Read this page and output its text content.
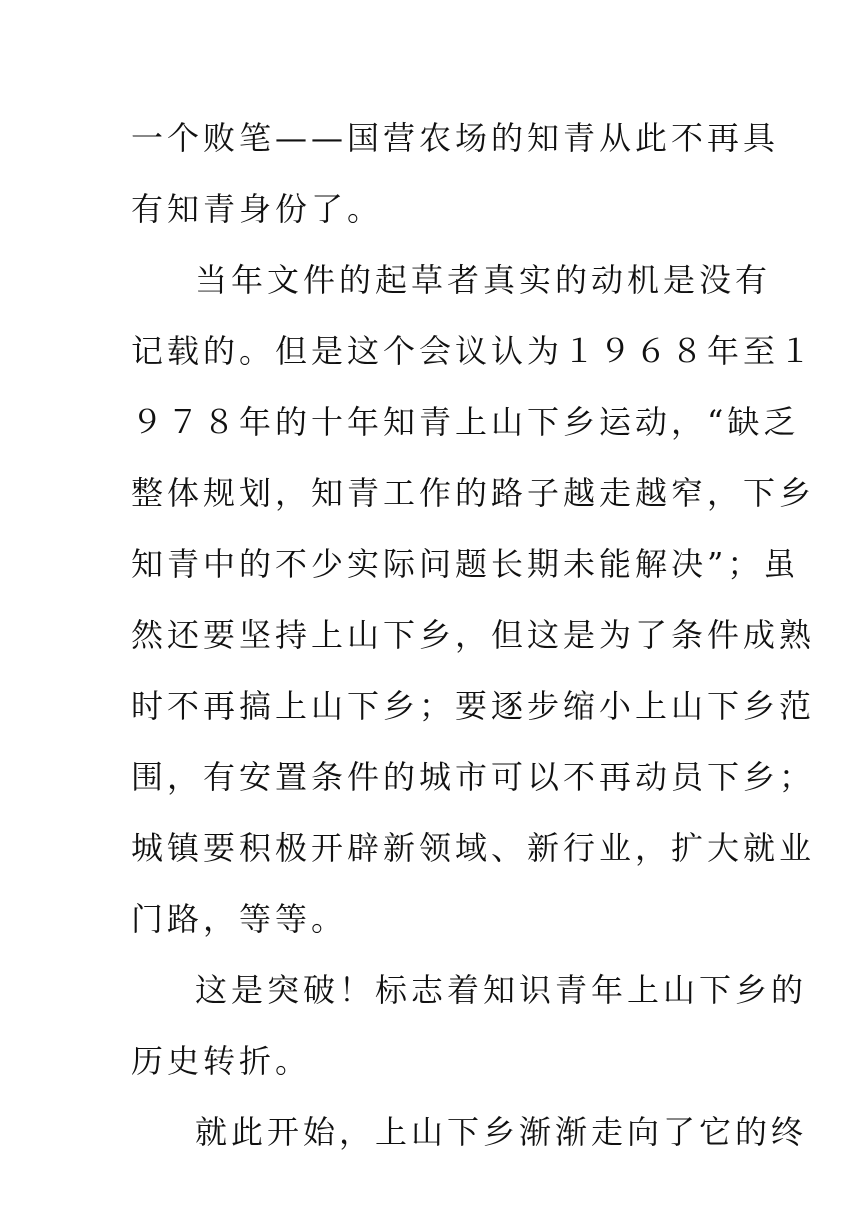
一个败笔——国营农场的知青从此不再具
有知青身份了。
当年文件的起草者真实的动机是没有
记载的。但是这个会议认为１９６８年至１
９７８年的十年知青上山下乡运动，“缺乏
整体规划，知青工作的路子越走越窄，下乡
知青中的不少实际问题长期未能解决”；虽
然还要坚持上山下乡，但这是为了条件成熟
时不再搞上山下乡；要逐步缩小上山下乡范
围，有安置条件的城市可以不再动员下乡；
城镇要积极开辟新领域、新行业，扩大就业
门路，等等。
这是突破！标志着知识青年上山下乡的
历史转折。
就此开始，上山下乡渐渐走向了它的终
